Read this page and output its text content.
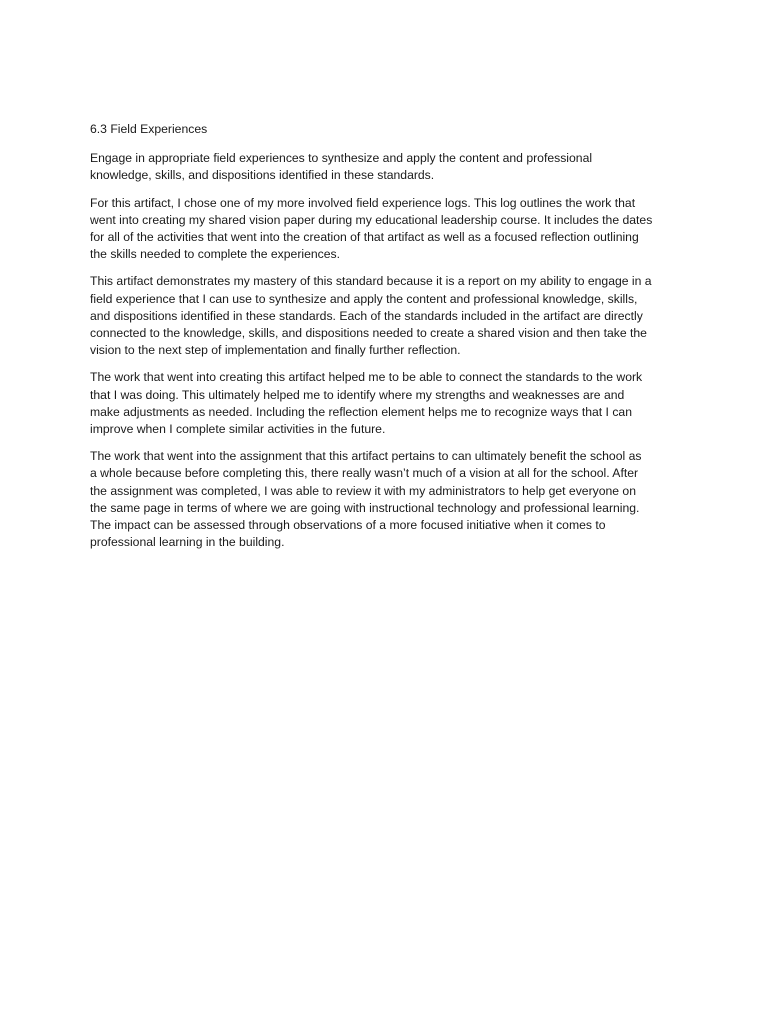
6.3 Field Experiences
Engage in appropriate field experiences to synthesize and apply the content and professional
knowledge, skills, and dispositions identified in these standards.
For this artifact, I chose one of my more involved field experience logs. This log outlines the work that
went into creating my shared vision paper during my educational leadership course. It includes the dates
for all of the activities that went into the creation of that artifact as well as a focused reflection outlining
the skills needed to complete the experiences.
This artifact demonstrates my mastery of this standard because it is a report on my ability to engage in a
field experience that I can use to synthesize and apply the content and professional knowledge, skills,
and dispositions identified in these standards. Each of the standards included in the artifact are directly
connected to the knowledge, skills, and dispositions needed to create a shared vision and then take the
vision to the next step of implementation and finally further reflection.
The work that went into creating this artifact helped me to be able to connect the standards to the work
that I was doing. This ultimately helped me to identify where my strengths and weaknesses are and
make adjustments as needed. Including the reflection element helps me to recognize ways that I can
improve when I complete similar activities in the future.
The work that went into the assignment that this artifact pertains to can ultimately benefit the school as
a whole because before completing this, there really wasn’t much of a vision at all for the school. After
the assignment was completed, I was able to review it with my administrators to help get everyone on
the same page in terms of where we are going with instructional technology and professional learning.
The impact can be assessed through observations of a more focused initiative when it comes to
professional learning in the building.
